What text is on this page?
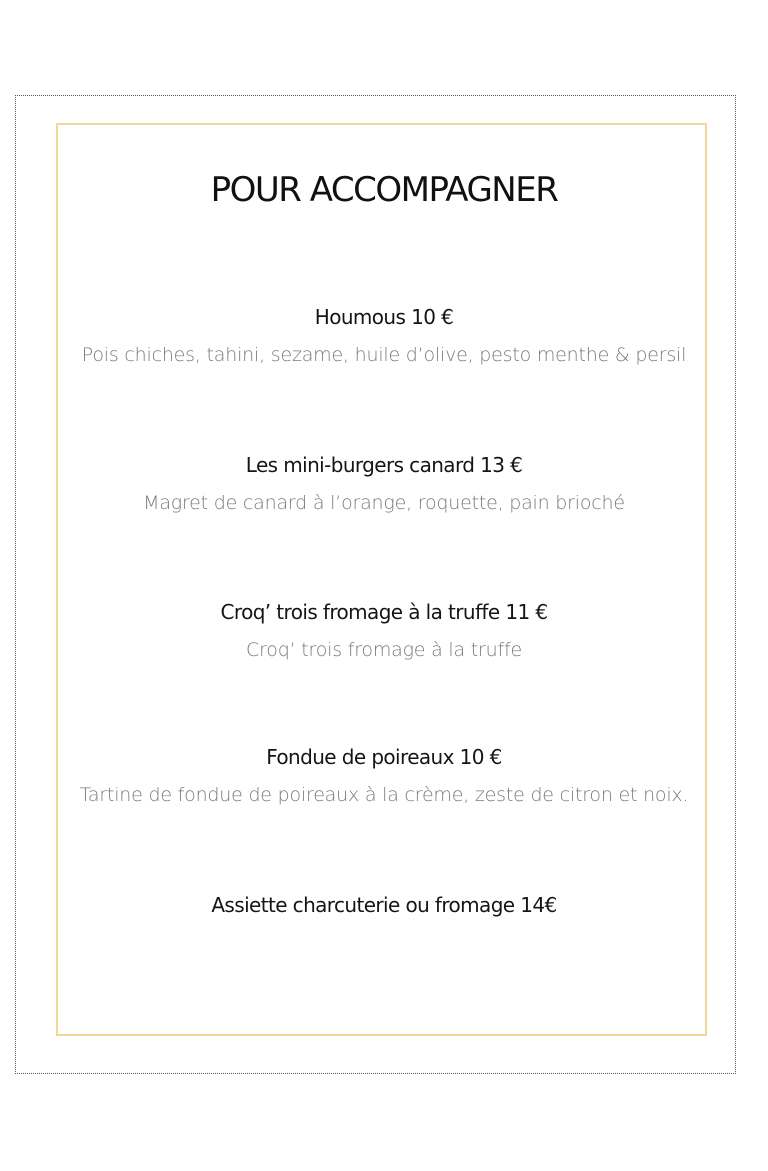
POUR ACCOMPAGNER
Houmous 10 €
Pois chiches, tahini, sezame, huile d’olive, pesto menthe & persil
Les mini-burgers canard 13 €
Magret de canard à l’orange, roquette, pain brioché
Croq’ trois fromage à la truffe 11 €
Croq’ trois fromage à la truffe
Fondue de poireaux 10 €
Tartine de fondue de poireaux à la crème, zeste de citron et noix.
Assiette charcuterie ou fromage 14€
